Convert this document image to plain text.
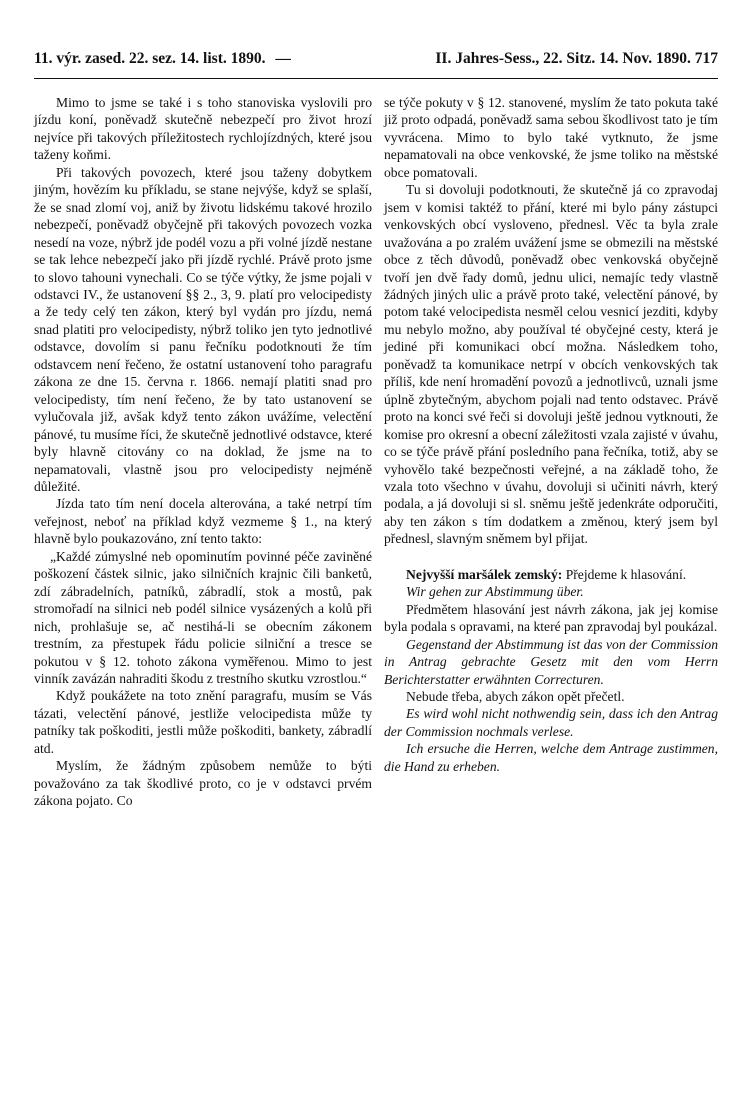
11. výr. zased. 22. sez. 14. list. 1890. —	II. Jahres-Sess., 22. Sitz. 14. Nov. 1890. 717

Mimo to jsme se také i s toho stanoviska vyslovili pro jízdu koní, poněvadž skutečně nebezpečí pro život hrozí nejvíce při takových příležitostech rychlojízdných, které jsou taženy koňmi.

Při takových povozech, které jsou taženy dobytkem jiným, hovězím ku příkladu, se stane nejvýše, když se splaší, že se snad zlomí voj, aniž by životu lidskému takové hrozilo nebezpečí, poněvadž obyčejně při takových povozech vozka nesedí na voze, nýbrž jde podél vozu a při volné jízdě nestane se tak lehce nebezpečí jako při jízdě rychlé. Právě proto jsme to slovo tahouni vynechali. Co se týče výtky, že jsme pojali v odstavci IV., že ustanovení §§ 2., 3, 9. platí pro velocipedisty a že tedy celý ten zákon, který byl vydán pro jízdu, nemá snad platiti pro velocipedisty, nýbrž toliko jen tyto jednotlivé odstavce, dovolím si panu řečníku podotknouti že tím odstavcem není řečeno, že ostatní ustanovení toho paragrafu zákona ze dne 15. června r. 1866. nemají platiti snad pro velocipedisty, tím není řečeno, že by tato ustanovení se vylučovala již, avšak když tento zákon uvážíme, velectění pánové, tu musíme říci, že skutečně jednotlivé odstavce, které byly hlavně citovány co na doklad, že jsme na to nepamatovali, vlastně jsou pro velocipedisty nejméně důležité.

Jízda tato tím není docela alterována, a také netrpí tím veřejnost, neboť na příklad když vezmeme § 1., na který hlavně bylo poukazováno, zní tento takto:

„Každé zúmyslné neb opominutím povinné péče zaviněné poškození částek silnic, jako silničních krajnic čili banketů, zdí zábradelních, patníků, zábradlí, stok a mostů, pak stromořadí na silnici neb podél silnice vysázených a kolů při nich, prohlašuje se, ač nestihá-li se obecním zákonem trestním, za přestupek řádu policie silniční a tresce se pokutou v § 12. tohoto zákona vyměřenou. Mimo to jest vinník zavázán nahraditi škodu z trestního skutku vzrostlou.“

Když poukážete na toto znění paragrafu, musím se Vás tázati, velectění pánové, jestliže velocipedista může ty patníky tak poškoditi, jestli může poškoditi, bankety, zábradlí atd.

Myslím, že žádným způsobem nemůže to býti považováno za tak škodlivé proto, co je v odstavci prvém zákona pojato. Co

se týče pokuty v § 12. stanovené, myslím že tato pokuta také již proto odpadá, poněvadž sama sebou škodlivost tato je tím vyvrácena. Mimo to bylo také vytknuto, že jsme nepamatovali na obce venkovské, že jsme toliko na městské obce pomatovali.

Tu si dovoluji podotknouti, že skutečně já co zpravodaj jsem v komisi taktéž to přání, které mi bylo pány zástupci venkovských obcí vysloveno, přednesl. Věc ta byla zrale uvažována a po zralém uvážení jsme se obmezili na městské obce z těch důvodů, poněvadž obec venkovská obyčejně tvoří jen dvě řady domů, jednu ulici, nemajíc tedy vlastně žádných jiných ulic a právě proto také, velectění pánové, by potom také velocipedista nesměl celou vesnicí jezditi, kdyby mu nebylo možno, aby používal té obyčejné cesty, která je jediné při komunikaci obcí možna. Následkem toho, poněvadž ta komunikace netrpí v obcích venkovských tak příliš, kde není hromadění povozů a jednotlivců, uznali jsme úplně zbytečným, abychom pojali nad tento odstavec. Právě proto na konci své řeči si dovoluji ještě jednou vytknouti, že komise pro okresní a obecní záležitosti vzala zajisté v úvahu, co se týče právě přání posledního pana řečníka, totiž, aby se vyhovělo také bezpečnosti veřejné, a na základě toho, že vzala toto všechno v úvahu, dovoluji si učiniti návrh, který podala, a já dovoluji si sl. sněmu ještě jedenkráte odporučiti, aby ten zákon s tím dodatkem a změnou, který jsem byl přednesl, slavným sněmem byl přijat.

Nejvyšší maršálek zemský: Přejdeme k hlasování.

Wir gehen zur Abstimmung über.

Předmětem hlasování jest návrh zákona, jak jej komise byla podala s opravami, na které pan zpravodaj byl poukázal.

Gegenstand der Abstimmung ist das von der Commission in Antrag gebrachte Gesetz mit den vom Herrn Berichterstatter erwähnten Correcturen.

Nebude třeba, abych zákon opět přečetl.

Es wird wohl nicht nothwendig sein, dass ich den Antrag der Commission nochmals verlese.

Ich ersuche die Herren, welche dem Antrage zustimmen, die Hand zu erheben.
